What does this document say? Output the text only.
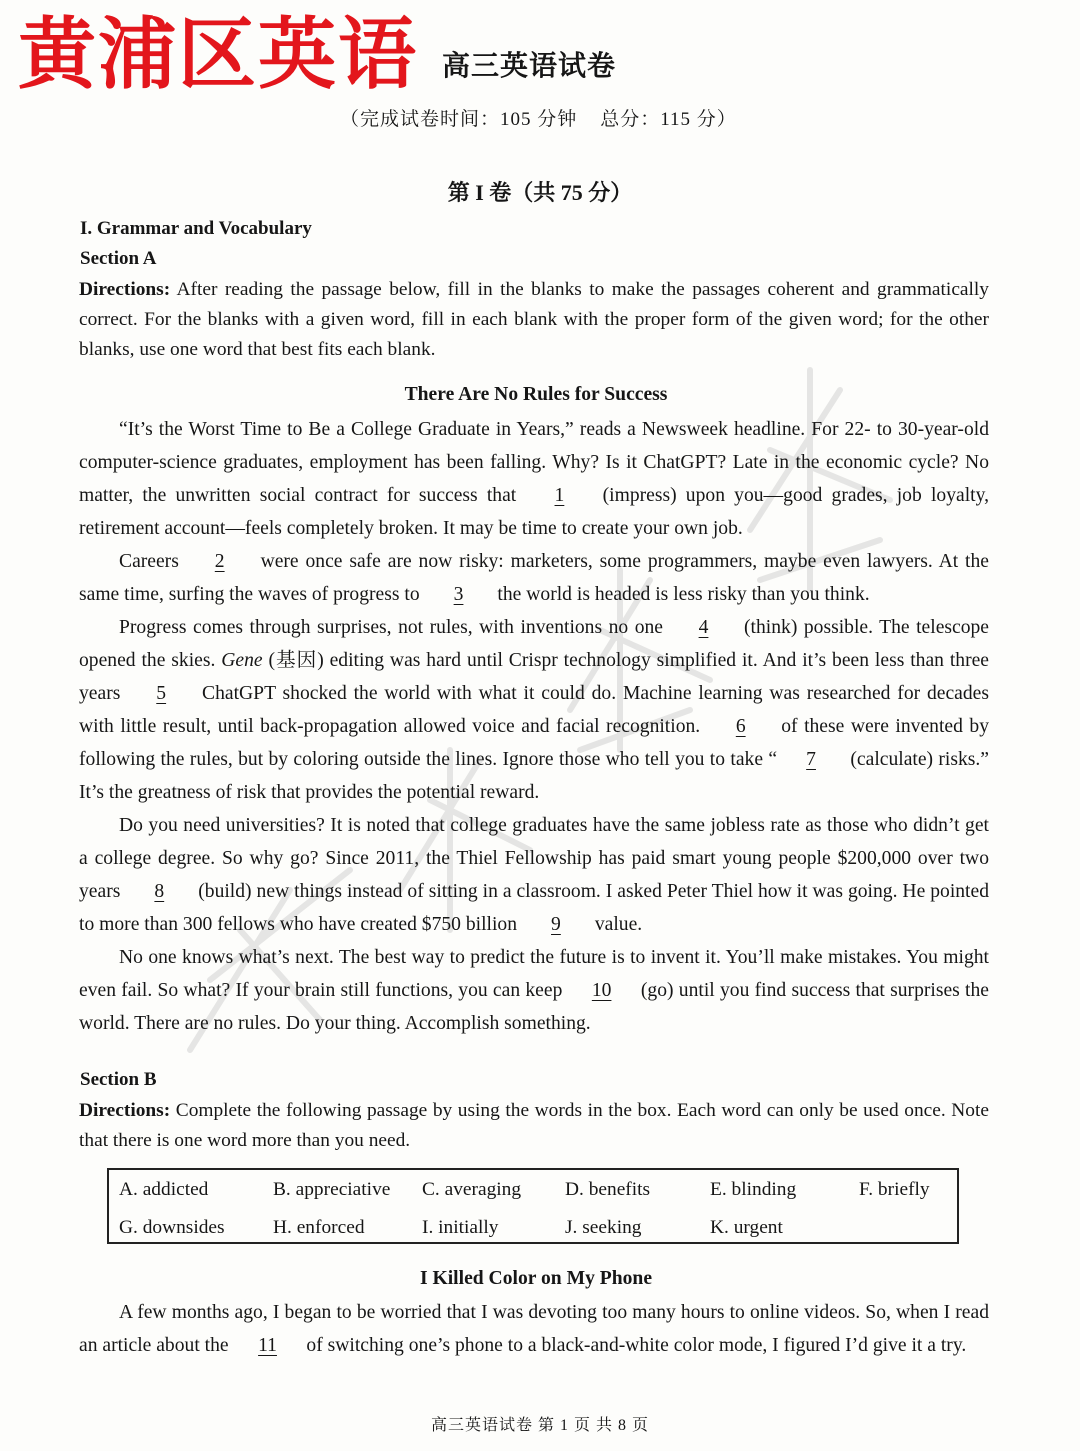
黄浦区英语 高三英语试卷
（完成试卷时间：105 分钟    总分：115 分）
第 I 卷（共 75 分）
I. Grammar and Vocabulary
Section A
Directions: After reading the passage below, fill in the blanks to make the passages coherent and grammatically correct. For the blanks with a given word, fill in each blank with the proper form of the given word; for the other blanks, use one word that best fits each blank.
There Are No Rules for Success

“It’s the Worst Time to Be a College Graduate in Years,” reads a Newsweek headline. For 22- to 30-year-old computer-science graduates, employment has been falling. Why? Is it ChatGPT? Late in the economic cycle? No matter, the unwritten social contract for success that 1 (impress) upon you—good grades, job loyalty, retirement account—feels completely broken. It may be time to create your own job.

Careers 2 were once safe are now risky: marketers, some programmers, maybe even lawyers. At the same time, surfing the waves of progress to 3 the world is headed is less risky than you think.

Progress comes through surprises, not rules, with inventions no one 4 (think) possible. The telescope opened the skies. Gene (基因) editing was hard until Crispr technology simplified it. And it’s been less than three years 5 ChatGPT shocked the world with what it could do. Machine learning was researched for decades with little result, until back-propagation allowed voice and facial recognition. 6 of these were invented by following the rules, but by coloring outside the lines. Ignore those who tell you to take “ 7 (calculate) risks.” It’s the greatness of risk that provides the potential reward.

Do you need universities? It is noted that college graduates have the same jobless rate as those who didn’t get a college degree. So why go? Since 2011, the Thiel Fellowship has paid smart young people $200,000 over two years 8 (build) new things instead of sitting in a classroom. I asked Peter Thiel how it was going. He pointed to more than 300 fellows who have created $750 billion 9 value.

No one knows what’s next. The best way to predict the future is to invent it. You’ll make mistakes. You might even fail. So what? If your brain still functions, you can keep 10 (go) until you find success that surprises the world. There are no rules. Do your thing. Accomplish something.

Section B
Directions: Complete the following passage by using the words in the box. Each word can only be used once. Note that there is one word more than you need.
A. addicted	B. appreciative C. averaging D. benefits	E. blinding	F. briefly
G. downsides H. enforced	I. initially	J. seeking	K. urgent
I Killed Color on My Phone

A few months ago, I began to be worried that I was devoting too many hours to online videos. So, when I read an article about the 11 of switching one’s phone to a black-and-white color mode, I figured I’d give it a try.

高三英语试卷 第 1 页 共 8 页
